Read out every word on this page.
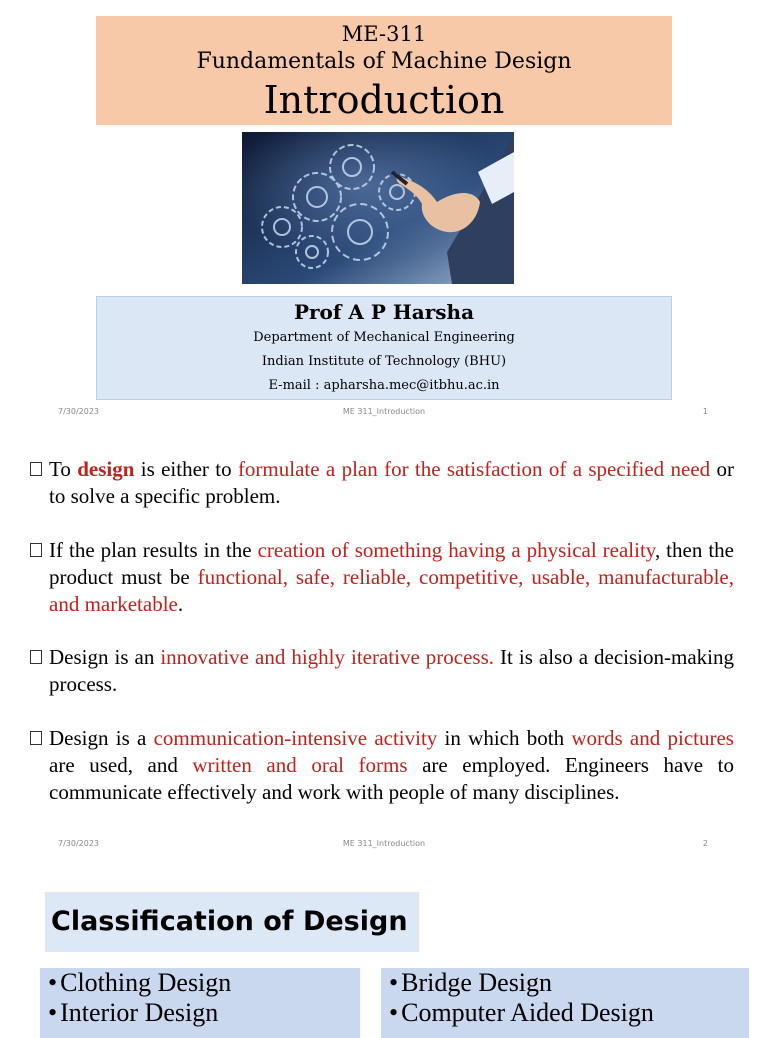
ME-311
Fundamentals of Machine Design
Introduction
Prof A P Harsha
Department of Mechanical Engineering
Indian Institute of Technology (BHU)
E-mail : apharsha.mec@itbhu.ac.in
7/30/2023	ME 311_Introduction	1
To design is either to formulate a plan for the satisfaction of a specified need or to solve a specific problem.
If the plan results in the creation of something having a physical reality, then the product must be functional, safe, reliable, competitive, usable, manufacturable, and marketable.
Design is an innovative and highly iterative process. It is also a decision-making process.
Design is a communication-intensive activity in which both words and pictures are used, and written and oral forms are employed. Engineers have to communicate effectively and work with people of many disciplines.
7/30/2023	ME 311_Introduction	2
Classification of Design
• Clothing Design
• Interior Design
• Bridge Design
• Computer Aided Design
